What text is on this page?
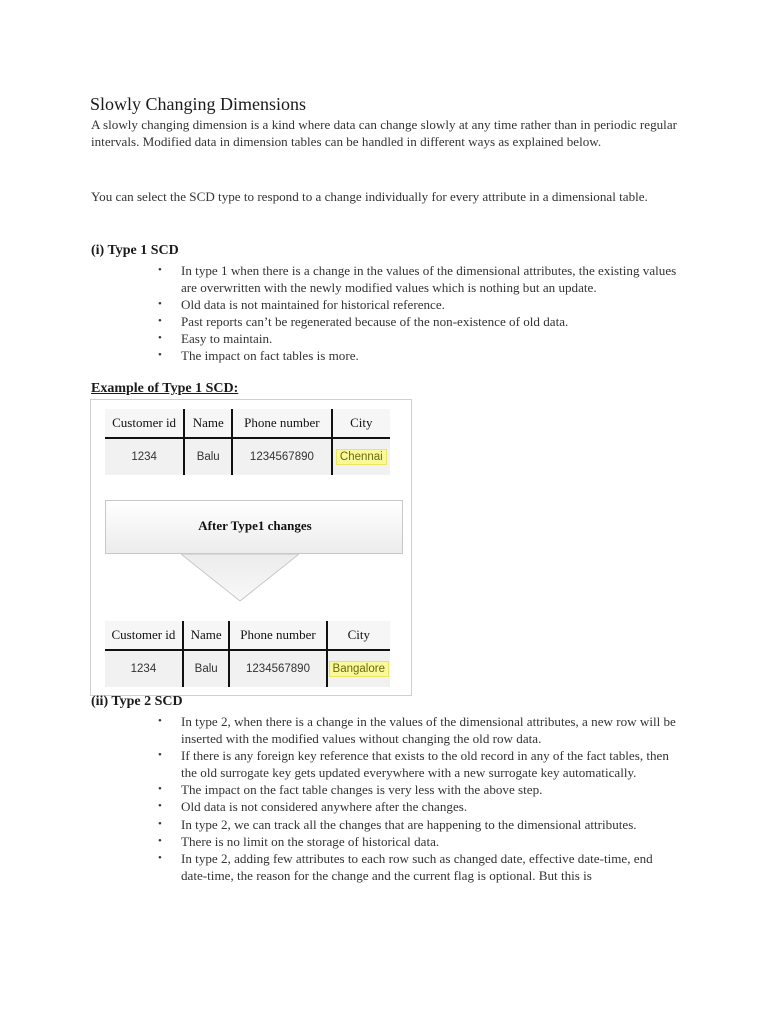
Slowly Changing Dimensions
A slowly changing dimension is a kind where data can change slowly at any time rather than in periodic regular intervals. Modified data in dimension tables can be handled in different ways as explained below.
You can select the SCD type to respond to a change individually for every attribute in a dimensional table.
(i) Type 1 SCD
• In type 1 when there is a change in the values of the dimensional attributes, the existing values are overwritten with the newly modified values which is nothing but an update.
• Old data is not maintained for historical reference.
• Past reports can’t be regenerated because of the non-existence of old data.
• Easy to maintain.
• The impact on fact tables is more.
Example of Type 1 SCD:
Customer id	Name	Phone number	City
1234	Balu	1234567890	Chennai
After Type1 changes
Customer id	Name	Phone number	City
1234	Balu	1234567890	Bangalore
(ii) Type 2 SCD
• In type 2, when there is a change in the values of the dimensional attributes, a new row will be inserted with the modified values without changing the old row data.
• If there is any foreign key reference that exists to the old record in any of the fact tables, then the old surrogate key gets updated everywhere with a new surrogate key automatically.
• The impact on the fact table changes is very less with the above step.
• Old data is not considered anywhere after the changes.
• In type 2, we can track all the changes that are happening to the dimensional attributes.
• There is no limit on the storage of historical data.
• In type 2, adding few attributes to each row such as changed date, effective date-time, end date-time, the reason for the change and the current flag is optional. But this is
